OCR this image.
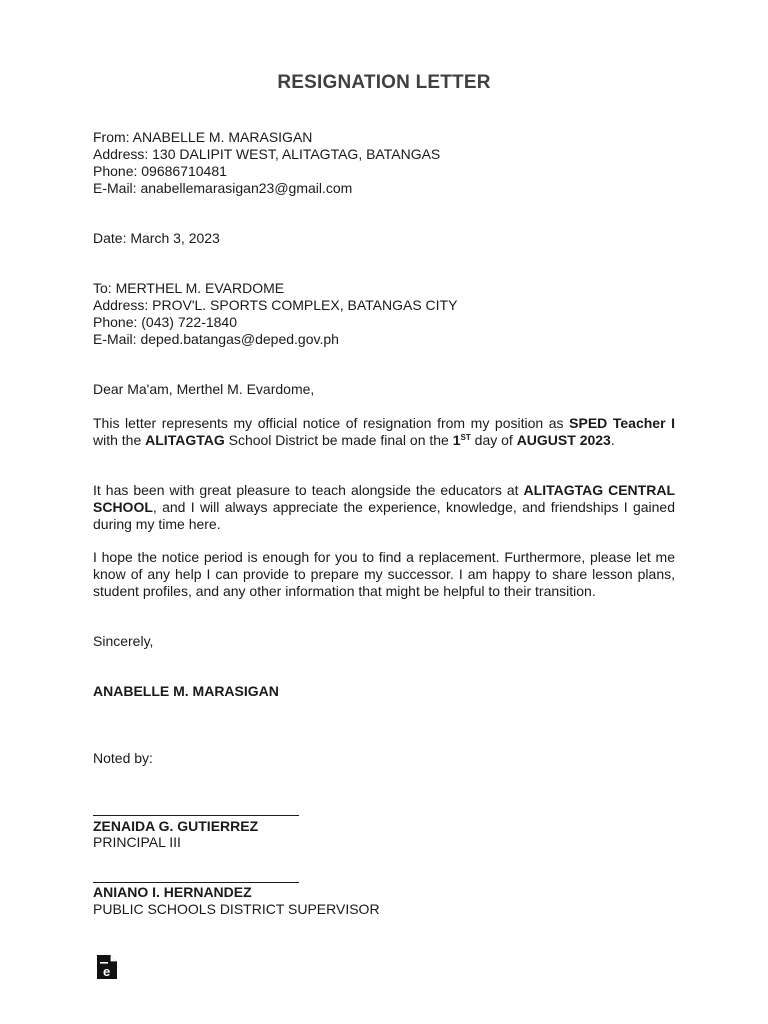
RESIGNATION LETTER

From: ANABELLE M. MARASIGAN

Address: 130 DALIPIT WEST, ALITAGTAG, BATANGAS

Phone: 09686710481

E-Mail: anabellemarasigan23@gmail.com

Date: March 3, 2023

To: MERTHEL M. EVARDOME

Address: PROV'L. SPORTS COMPLEX, BATANGAS CITY

Phone: (043) 722-1840

E-Mail: deped.batangas@deped.gov.ph

Dear Ma'am, Merthel M. Evardome,
This letter represents my official notice of resignation from my position as SPED Teacher I with the ALITAGTAG School District be made final on the 1ST day of AUGUST 2023.
It has been with great pleasure to teach alongside the educators at ALITAGTAG CENTRAL SCHOOL, and I will always appreciate the experience, knowledge, and friendships I gained during my time here.
I hope the notice period is enough for you to find a replacement. Furthermore, please let me know of any help I can provide to prepare my successor. I am happy to share lesson plans, student profiles, and any other information that might be helpful to their transition.
Sincerely,
ANABELLE M. MARASIGAN
Noted by:
ZENAIDA G. GUTIERREZ
PRINCIPAL III
ANIANO I. HERNANDEZ
PUBLIC SCHOOLS DISTRICT SUPERVISOR
e
